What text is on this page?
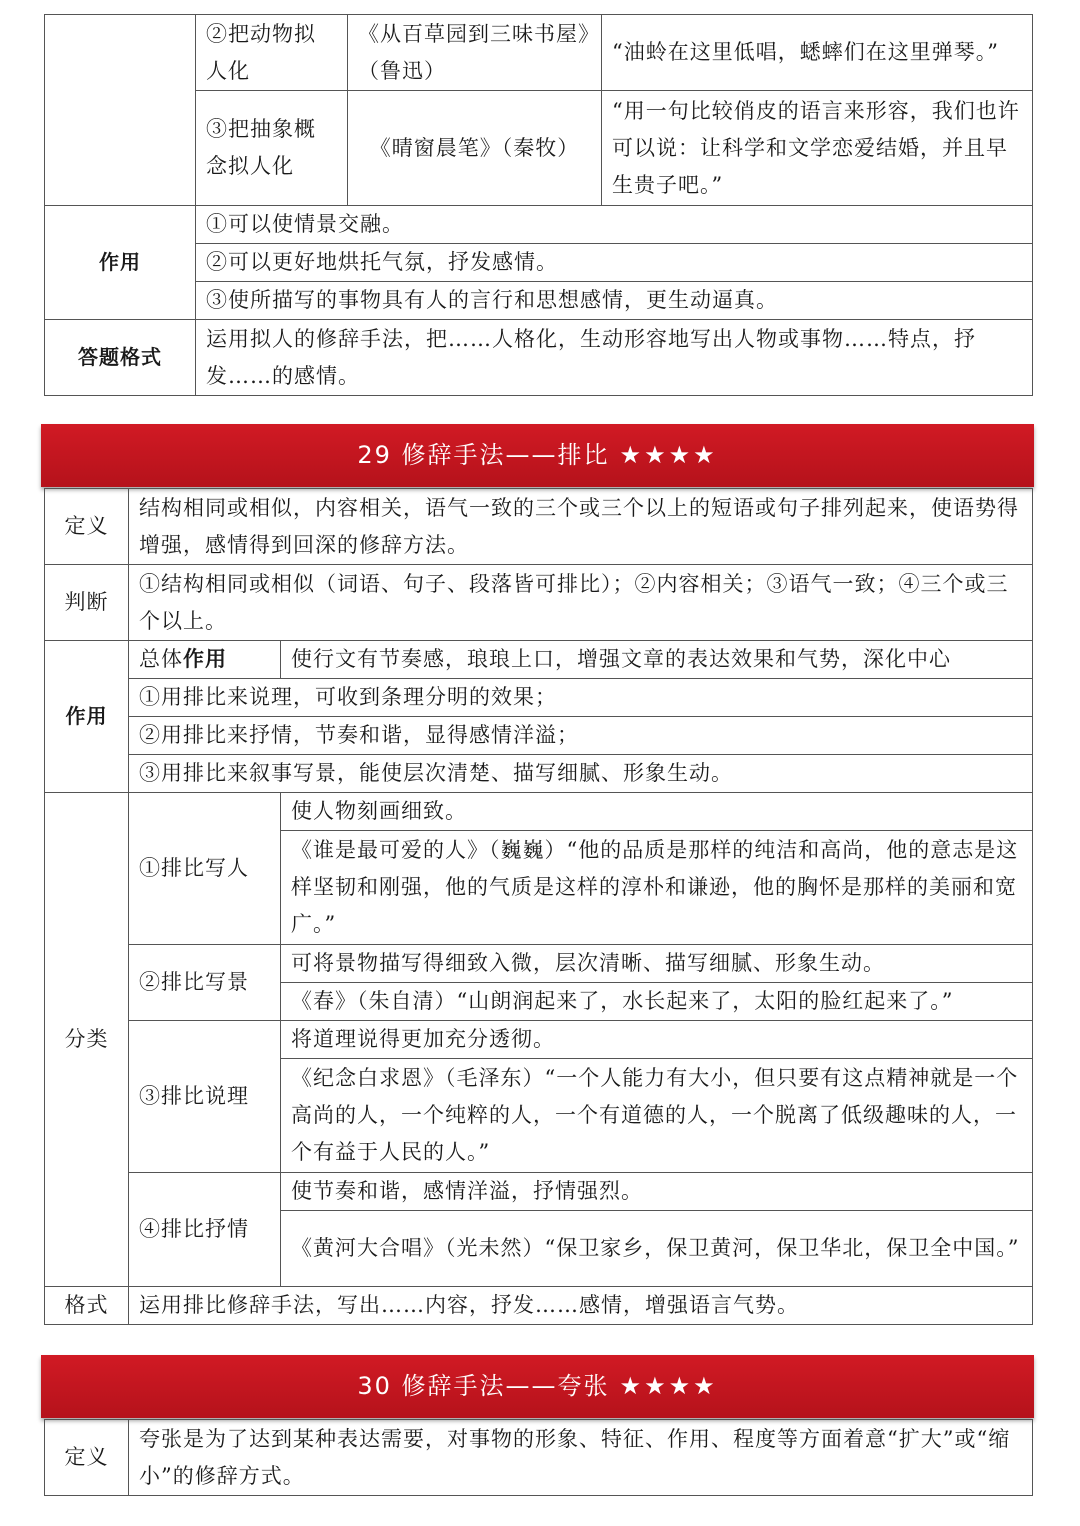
	②把动物拟人化	《从百草园到三味书屋》（鲁迅）	“油蛉在这里低唱，蟋蟀们在这里弹琴。”
	③把抽象概念拟人化	《晴窗晨笔》（秦牧）	“用一句比较俏皮的语言来形容，我们也许可以说：让科学和文学恋爱结婚，并且早生贵子吧。”
作用	①可以使情景交融。		
	②可以更好地烘托气氛，抒发感情。		
	③使所描写的事物具有人的言行和思想感情，更生动逼真。		
答题格式	运用拟人的修辞手法，把……人格化，生动形容地写出人物或事物……特点，抒发……的感情。		
29 修辞手法——排比 ★★★★
定义	结构相同或相似，内容相关，语气一致的三个或三个以上的短语或句子排列起来，使语势得增强，感情得到回深的修辞方法。	
判断	①结构相同或相似（词语、句子、段落皆可排比）；②内容相关；③语气一致；④三个或三个以上。	
作用	总体作用	使行文有节奏感，琅琅上口，增强文章的表达效果和气势，深化中心
	①用排比来说理，可收到条理分明的效果；	
	②用排比来抒情，节奏和谐，显得感情洋溢；	
	③用排比来叙事写景，能使层次清楚、描写细腻、形象生动。	
分类	①排比写人	使人物刻画细致。
		《谁是最可爱的人》（巍巍）“他的品质是那样的纯洁和高尚，他的意志是这样坚韧和刚强，他的气质是这样的淳朴和谦逊，他的胸怀是那样的美丽和宽广。”
	②排比写景	可将景物描写得细致入微，层次清晰、描写细腻、形象生动。
		《春》（朱自清）“山朗润起来了，水长起来了，太阳的脸红起来了。”
	③排比说理	将道理说得更加充分透彻。
		《纪念白求恩》（毛泽东）“一个人能力有大小，但只要有这点精神就是一个高尚的人，一个纯粹的人，一个有道德的人，一个脱离了低级趣味的人，一个有益于人民的人。”
	④排比抒情	使节奏和谐，感情洋溢，抒情强烈。
		《黄河大合唱》（光未然）“保卫家乡，保卫黄河，保卫华北，保卫全中国。”
格式	运用排比修辞手法，写出……内容，抒发……感情，增强语言气势。	
30 修辞手法——夸张 ★★★★
定义	夸张是为了达到某种表达需要，对事物的形象、特征、作用、程度等方面着意“扩大”或“缩小”的修辞方式。
